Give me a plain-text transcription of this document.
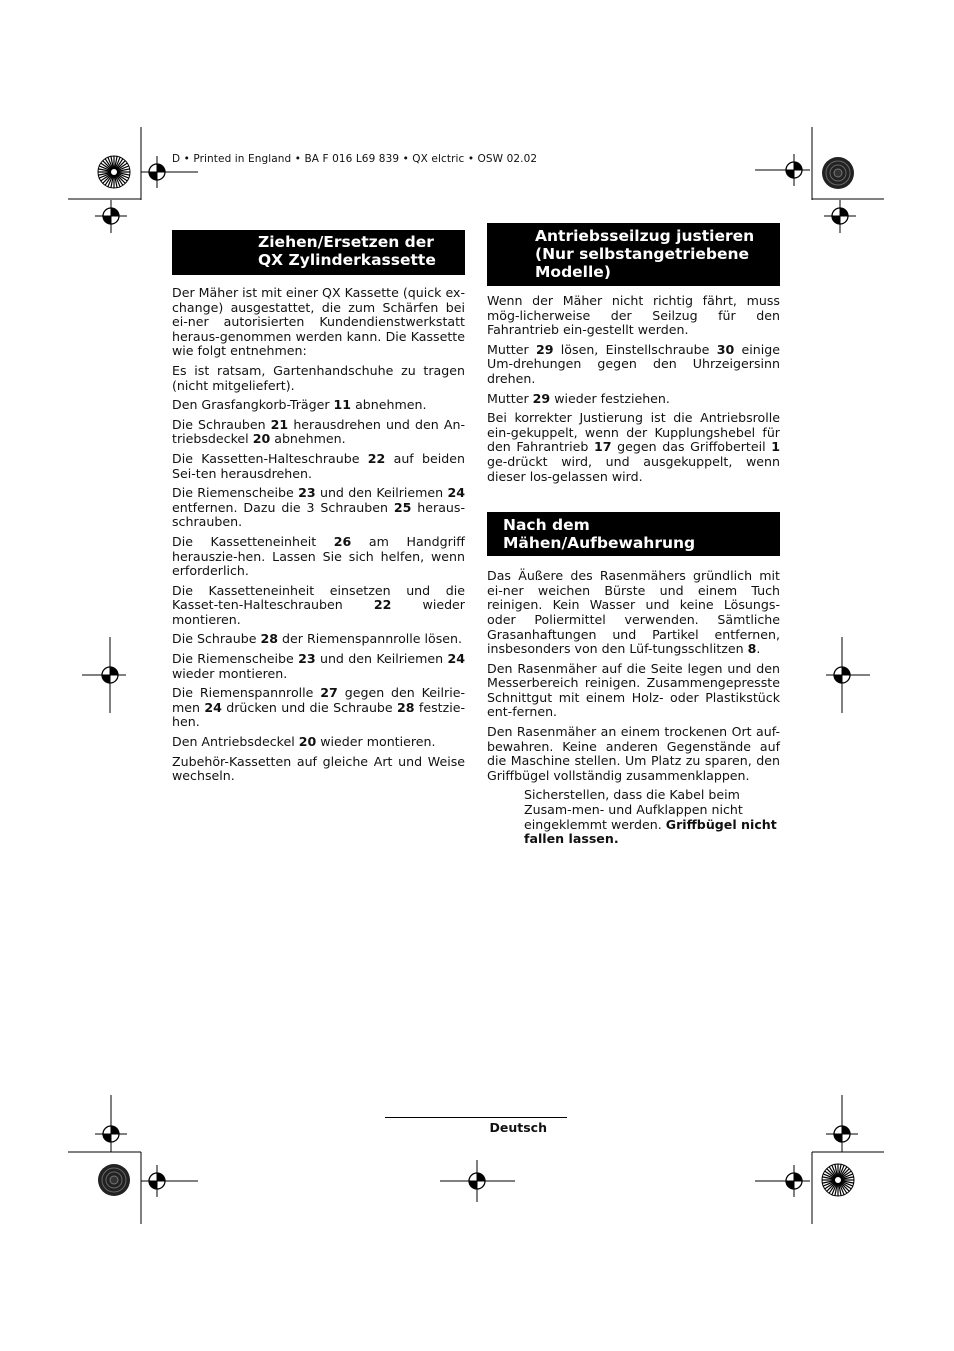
D • Printed in England • BA F 016 L69 839 • QX elctric • OSW 02.02
Ziehen/Ersetzen der QX Zylinderkassette

Der Mäher ist mit einer QX Kassette (quick ex-change) ausgestattet, die zum Schärfen bei ei-ner autorisierten Kundendienstwerkstatt heraus-genommen werden kann. Die Kassette wie folgt entnehmen:

Es ist ratsam, Gartenhandschuhe zu tragen (nicht mitgeliefert).

Den Grasfangkorb-Träger 11 abnehmen.

Die Schrauben 21 herausdrehen und den An-triebsdeckel 20 abnehmen.

Die Kassetten-Halteschraube 22 auf beiden Sei-ten herausdrehen.

Die Riemenscheibe 23 und den Keilriemen 24 entfernen. Dazu die 3 Schrauben 25 heraus-schrauben.

Die Kassetteneinheit 26 am Handgriff herauszie-hen. Lassen Sie sich helfen, wenn erforderlich.

Die Kassetteneinheit einsetzen und die Kasset-ten-Halteschrauben 22 wieder montieren.

Die Schraube 28 der Riemenspannrolle lösen.

Die Riemenscheibe 23 und den Keilriemen 24 wieder montieren.

Die Riemenspannrolle 27 gegen den Keilrie-men 24 drücken und die Schraube 28 festzie-hen.

Den Antriebsdeckel 20 wieder montieren.

Zubehör-Kassetten auf gleiche Art und Weise wechseln.

Antriebsseilzug justieren (Nur selbstangetriebene Modelle)

Wenn der Mäher nicht richtig fährt, muss mög-licherweise der Seilzug für den Fahrantrieb ein-gestellt werden.

Mutter 29 lösen, Einstellschraube 30 einige Um-drehungen gegen den Uhrzeigersinn drehen.

Mutter 29 wieder festziehen.

Bei korrekter Justierung ist die Antriebsrolle ein-gekuppelt, wenn der Kupplungshebel für den Fahrantrieb 17 gegen das Griffoberteil 1 ge-drückt wird, und ausgekuppelt, wenn dieser los-gelassen wird.

Nach dem Mähen/Aufbewahrung

Das Äußere des Rasenmähers gründlich mit ei-ner weichen Bürste und einem Tuch reinigen. Kein Wasser und keine Lösungs- oder Poliermittel verwenden. Sämtliche Grasanhaftungen und Partikel entfernen, insbesonders von den Lüf-tungsschlitzen 8.

Den Rasenmäher auf die Seite legen und den Messerbereich reinigen. Zusammengepresste Schnittgut mit einem Holz- oder Plastikstück ent-fernen.

Den Rasenmäher an einem trockenen Ort auf-bewahren. Keine anderen Gegenstände auf die Maschine stellen. Um Platz zu sparen, den Griffbügel vollständig zusammenklappen.

Sicherstellen, dass die Kabel beim Zusam-men- und Aufklappen nicht eingeklemmt werden. Griffbügel nicht fallen lassen.

Deutsch
